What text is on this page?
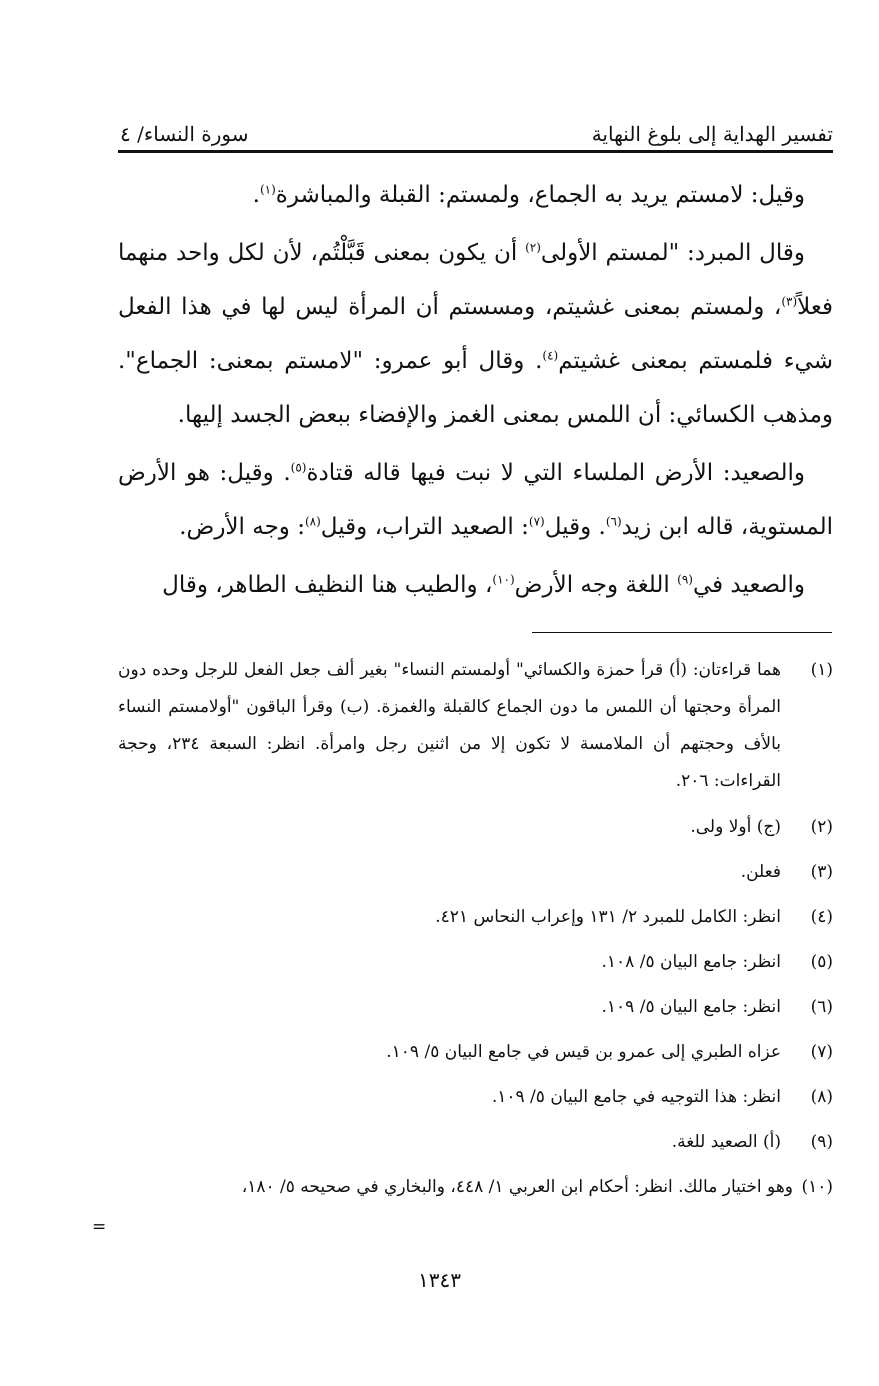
تفسير الهداية إلى بلوغ النهاية
سورة النساء/ ٤

وقيل: لامستم يريد به الجماع، ولمستم: القبلة والمباشرة$^{(١)}$.

وقال المبرد: "لمستم الأولى$^{(٢)}$ أن يكون بمعنى قَبَّلْتُم، لأن لكل واحد منهما فعلاً$^{(٣)}$، ولمستم بمعنى غشيتم، ومسستم أن المرأة ليس لها في هذا الفعل شيء فلمستم بمعنى غشيتم$^{(٤)}$. وقال أبو عمرو: "لامستم بمعنى: الجماع". ومذهب الكسائي: أن اللمس بمعنى الغمز والإفضاء ببعض الجسد إليها.

والصعيد: الأرض الملساء التي لا نبت فيها قاله قتادة$^{(٥)}$. وقيل: هو الأرض المستوية، قاله ابن زيد$^{(٦)}$. وقيل$^{(٧)}$: الصعيد التراب، وقيل$^{(٨)}$: وجه الأرض.

والصعيد في$^{(٩)}$ اللغة وجه الأرض$^{(١٠)}$، والطيب هنا النظيف الطاهر، وقال

(١)
هما قراءتان: (أ) قرأ حمزة والكسائي" أولمستم النساء" بغير ألف جعل الفعل للرجل وحده دون المرأة وحجتها أن اللمس ما دون الجماع كالقبلة والغمزة. (ب) وقرأ الباقون "أولامستم النساء بالأف وحجتهم أن الملامسة لا تكون إلا من اثنين رجل وامرأة. انظر: السبعة ٢٣٤، وحجة القراءات: ٢٠٦.
(٢)
(ج) أولا ولى.
(٣)
فعلن.
(٤)
انظر: الكامل للمبرد ٢/ ١٣١ وإعراب النحاس ٤٢١.
(٥)
انظر: جامع البيان ٥/ ١٠٨.
(٦)
انظر: جامع البيان ٥/ ١٠٩.
(٧)
عزاه الطبري إلى عمرو بن قيس في جامع البيان ٥/ ١٠٩.
(٨)
انظر: هذا التوجيه في جامع البيان ٥/ ١٠٩.
(٩)
(أ) الصعيد للغة.
(١٠)
وهو اختيار مالك. انظر: أحكام ابن العربي ١/ ٤٤٨، والبخاري في صحيحه ٥/ ١٨٠،
=
١٣٤٣
